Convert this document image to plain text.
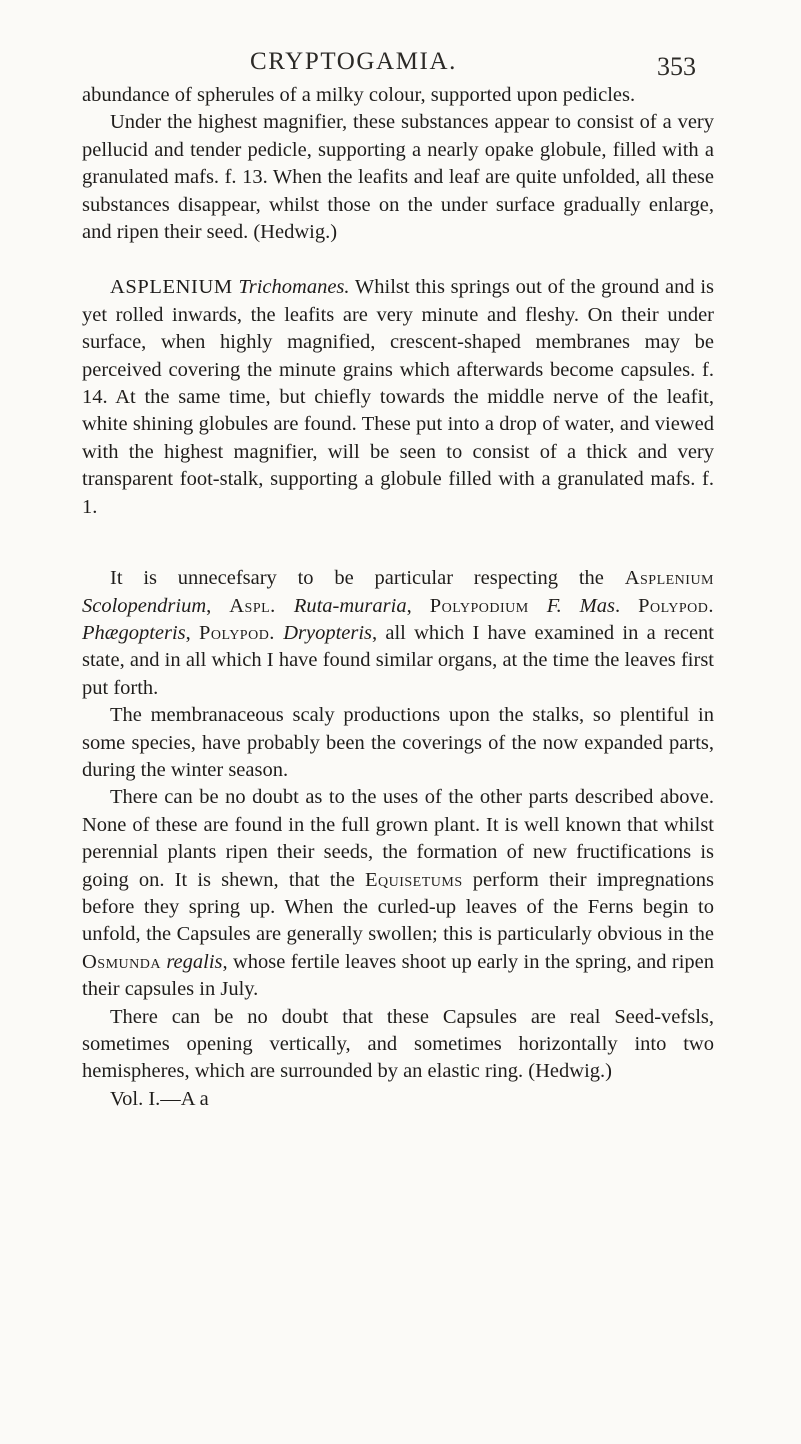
CRYPTOGAMIA.	353

abundance of spherules of a milky colour, supported upon pedicles.

Under the highest magnifier, these substances appear to consist of a very pellucid and tender pedicle, supporting a nearly opake globule, filled with a granulated mafs. f. 13. When the leafits and leaf are quite unfolded, all these substances disappear, whilst those on the under surface gradually enlarge, and ripen their seed. (Hedwig.)

ASPLENIUM Trichomanes. Whilst this springs out of the ground and is yet rolled inwards, the leafits are very minute and fleshy. On their under surface, when highly magnified, crescent-shaped membranes may be perceived covering the minute grains which afterwards become capsules. f. 14. At the same time, but chiefly towards the middle nerve of the leafit, white shining globules are found. These put into a drop of water, and viewed with the highest magnifier, will be seen to consist of a thick and very transparent foot-stalk, supporting a globule filled with a granulated mafs. f. 1.

It is unnecefsary to be particular respecting the Asplenium Scolopendrium, Aspl. Ruta-muraria, Polypodium F. Mas. Polypod. Phægopteris, Polypod. Dryopteris, all which I have examined in a recent state, and in all which I have found similar organs, at the time the leaves first put forth.

The membranaceous scaly productions upon the stalks, so plentiful in some species, have probably been the coverings of the now expanded parts, during the winter season.

There can be no doubt as to the uses of the other parts described above. None of these are found in the full grown plant. It is well known that whilst perennial plants ripen their seeds, the formation of new fructifications is going on. It is shewn, that the Equisetums perform their impregnations before they spring up. When the curled-up leaves of the Ferns begin to unfold, the Capsules are generally swollen; this is particularly obvious in the Osmunda regalis, whose fertile leaves shoot up early in the spring, and ripen their capsules in July.

There can be no doubt that these Capsules are real Seed-vefsls, sometimes opening vertically, and sometimes horizontally into two hemispheres, which are surrounded by an elastic ring. (Hedwig.)

Vol. I.—A a
